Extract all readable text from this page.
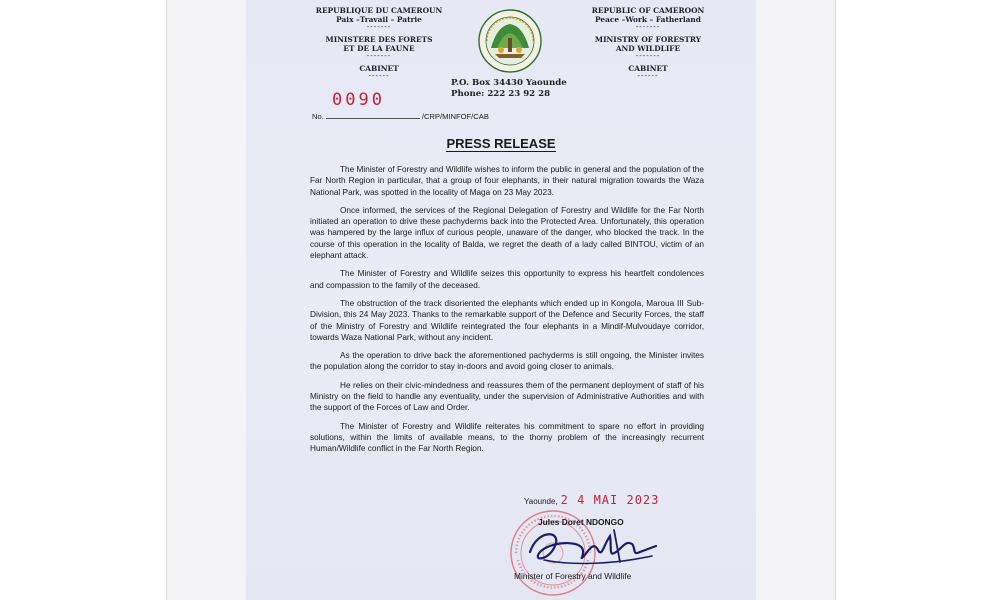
REPUBLIQUE DU CAMEROUN
Paix –Travail – Patrie
-------
MINISTERE DES FORETS
ET DE LA FAUNE
-------
CABINET
------
REPUBLIC OF CAMEROON
Peace –Work – Fatherland
-------
MINISTRY OF FORESTRY
AND WILDLIFE
-------
CABINET
------
P.O. Box 34430 Yaounde
Phone: 222 23 92 28
0090
No.	/CRP/MINFOF/CAB
PRESS RELEASE

The Minister of Forestry and Wildlife wishes to inform the public in general and the population of the Far North Region in particular, that a group of four elephants, in their natural migration towards the Waza National Park, was spotted in the locality of Maga on 23 May 2023.

Once informed, the services of the Regional Delegation of Forestry and Wildlife for the Far North initiated an operation to drive these pachyderms back into the Protected Area. Unfortunately, this operation was hampered by the large influx of curious people, unaware of the danger, who blocked the track. In the course of this operation in the locality of Balda, we regret the death of a lady called BINTOU, victim of an elephant attack.

The Minister of Forestry and Wildlife seizes this opportunity to express his heartfelt condolences and compassion to the family of the deceased.

The obstruction of the track disoriented the elephants which ended up in Kongola, Maroua III Sub-Division, this 24 May 2023. Thanks to the remarkable support of the Defence and Security Forces, the staff of the Ministry of Forestry and Wildlife reintegrated the four elephants in a Mindif-Mulvoudaye corridor, towards Waza National Park, without any incident.

As the operation to drive back the aforementioned pachyderms is still ongoing, the Minister invites the population along the corridor to stay in-doors and avoid going closer to animals.

He relies on their civic-mindedness and reassures them of the permanent deployment of staff of his Ministry on the field to handle any eventuality, under the supervision of Administrative Authorities and with the support of the Forces of Law and Order.

The Minister of Forestry and Wildlife reiterates his commitment to spare no effort in providing solutions, within the limits of available means, to the thorny problem of the increasingly recurrent Human/Wildlife conflict in the Far North Region.

Yaounde, 2 4 MAI 2023
Jules Doret NDONGO
Minister of Forestry and Wildlife
